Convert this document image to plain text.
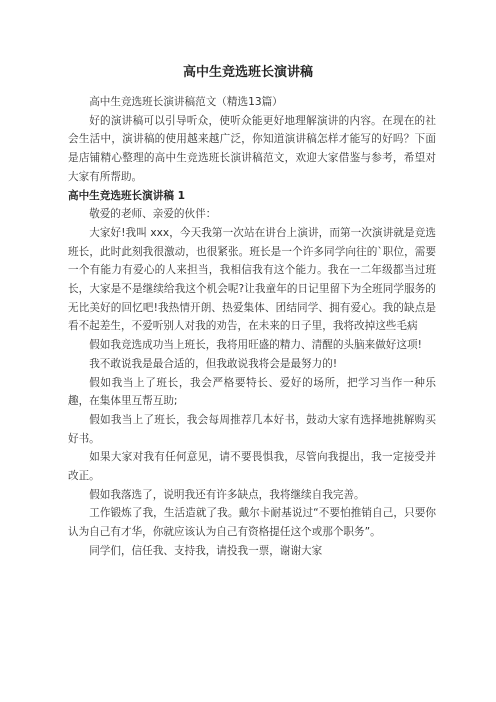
高中生竞选班长演讲稿

高中生竞选班长演讲稿范文（精选13篇）

好的演讲稿可以引导听众，使听众能更好地理解演讲的内容。在现在的社会生活中，演讲稿的使用越来越广泛，你知道演讲稿怎样才能写的好吗？下面是店铺精心整理的高中生竞选班长演讲稿范文，欢迎大家借鉴与参考，希望对大家有所帮助。

高中生竞选班长演讲稿 1

敬爱的老师、亲爱的伙伴：

大家好!我叫 xxx，今天我第一次站在讲台上演讲，而第一次演讲就是竞选班长，此时此刻我很激动，也很紧张。班长是一个许多同学向往的`职位，需要一个有能力有爱心的人来担当，我相信我有这个能力。我在一二年级都当过班长，大家是不是继续给我这个机会呢?让我童年的日记里留下为全班同学服务的无比美好的回忆吧!我热情开朗、热爱集体、团结同学、拥有爱心。我的缺点是看不起差生，不爱听别人对我的劝告，在未来的日子里，我将改掉这些毛病

假如我竞选成功当上班长，我将用旺盛的精力、清醒的头脑来做好这项!

我不敢说我是最合适的，但我敢说我将会是最努力的!

假如我当上了班长，我会严格要特长、爱好的场所，把学习当作一种乐趣，在集体里互帮互助;

假如我当上了班长，我会每周推荐几本好书，鼓动大家有选择地挑解购买好书。

如果大家对我有任何意见，请不要畏惧我，尽管向我提出，我一定接受并改正。

假如我落选了，说明我还有许多缺点，我将继续自我完善。

工作锻炼了我，生活造就了我。戴尔卡耐基说过“不要怕推销自己，只要你认为自己有才华，你就应该认为自己有资格提任这个或那个职务”。

同学们，信任我、支持我，请投我一票，谢谢大家
